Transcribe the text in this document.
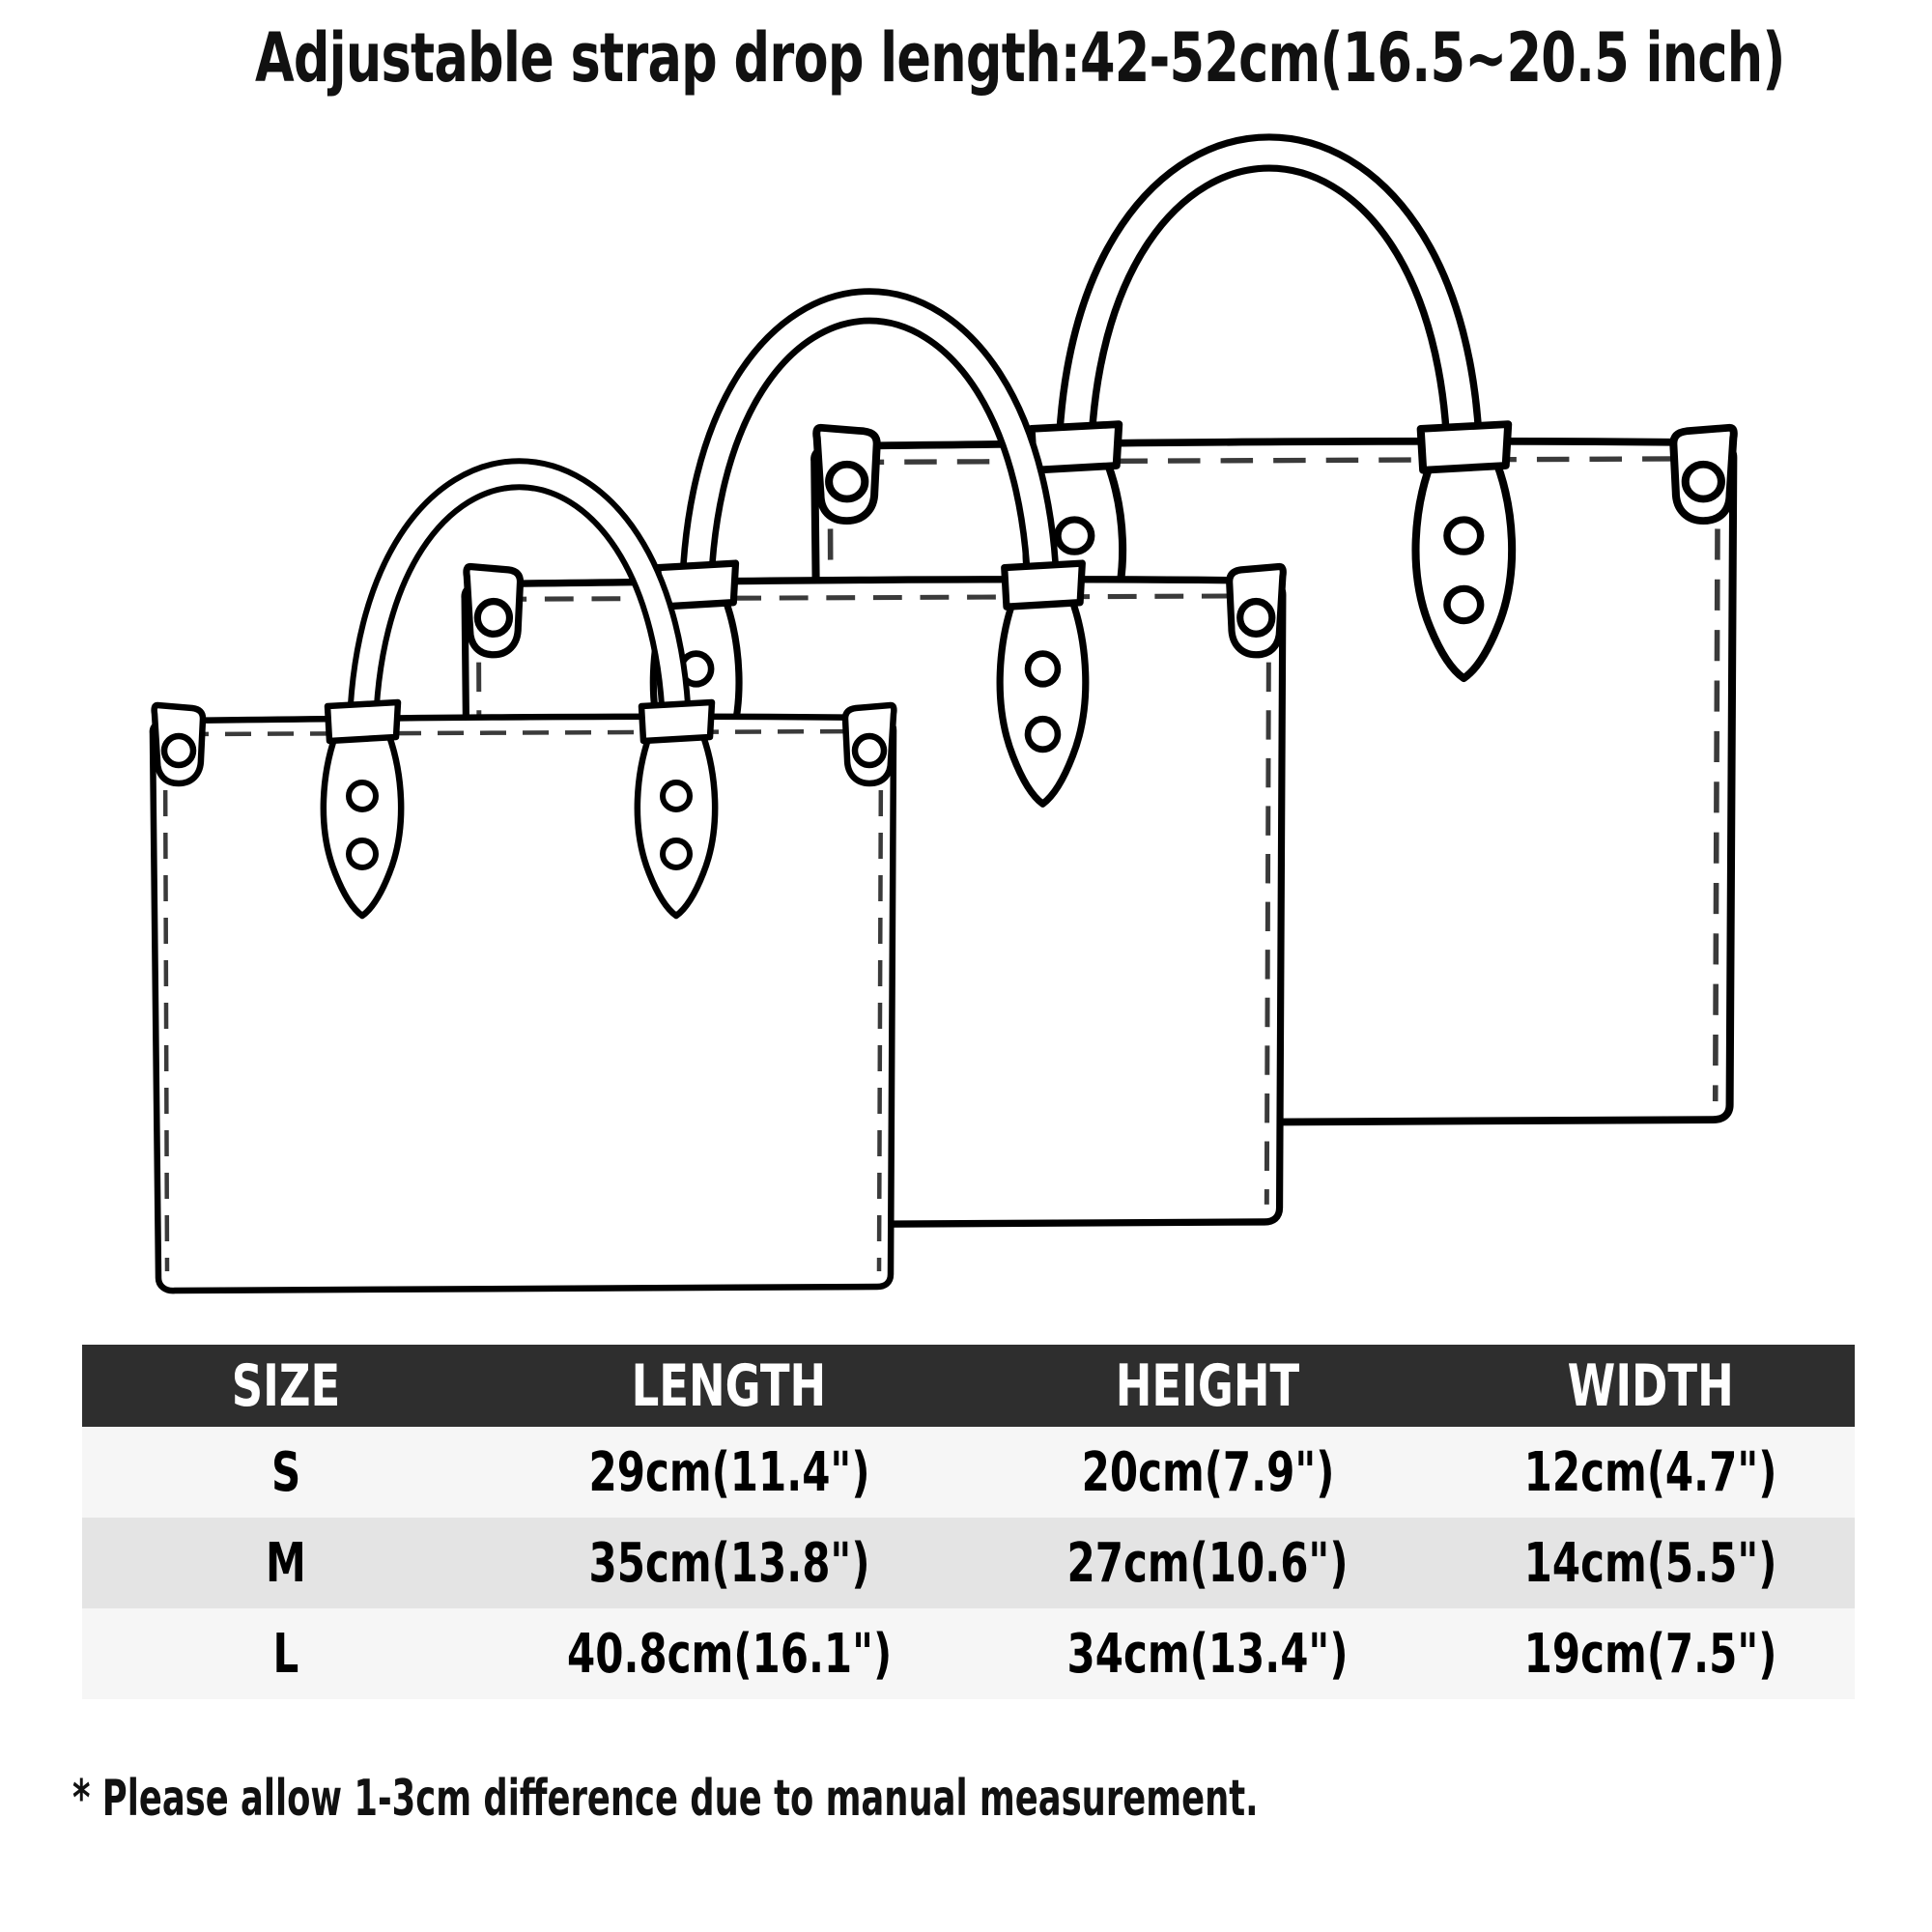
Adjustable strap drop length:42-52cm(16.5~20.5 inch)
SIZE	LENGTH	HEIGHT	WIDTH
S	29cm(11.4")	20cm(7.9")	12cm(4.7")
M	35cm(13.8")	27cm(10.6")	14cm(5.5")
L	40.8cm(16.1")	34cm(13.4")	19cm(7.5")
* Please allow 1-3cm difference due to manual measurement.
